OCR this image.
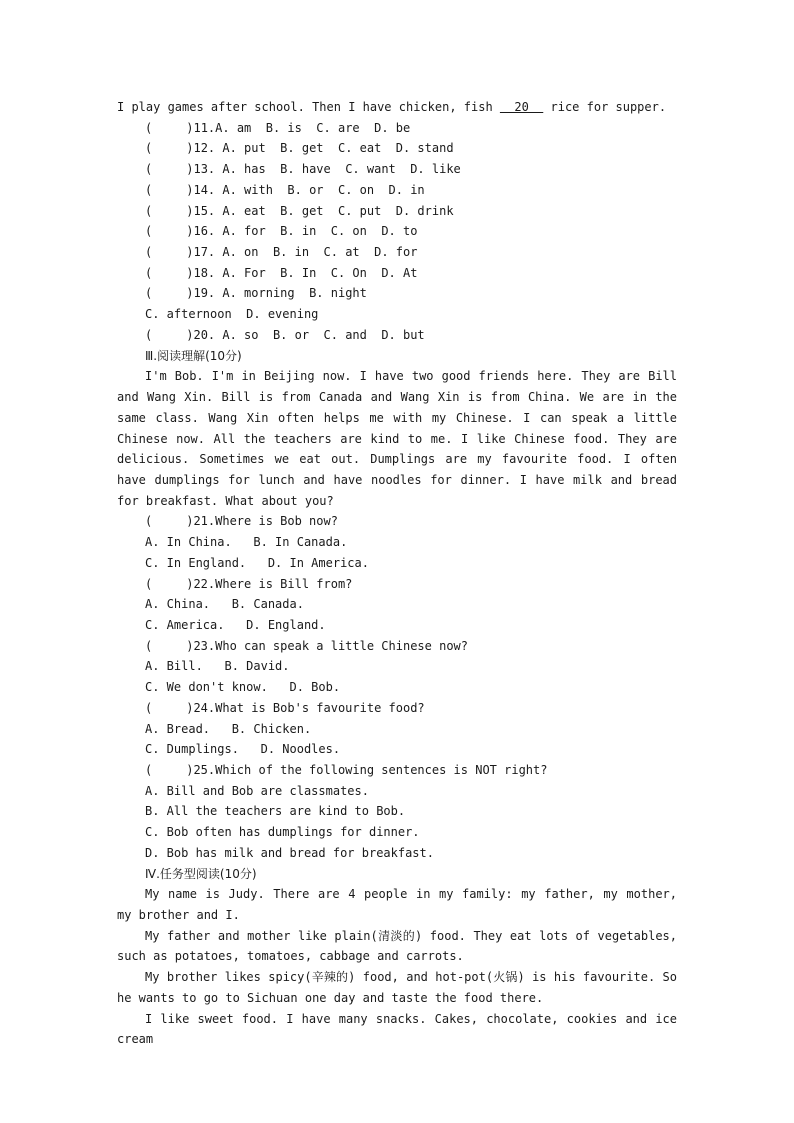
I play games after school. Then I have chicken, fish   20   rice for supper.
(	)11.A. am  B. is  C. are  D. be
(	)12. A. put  B. get  C. eat  D. stand
(	)13. A. has  B. have  C. want  D. like
(	)14. A. with  B. or  C. on  D. in
(	)15. A. eat  B. get  C. put  D. drink
(	)16. A. for  B. in  C. on  D. to
(	)17. A. on  B. in  C. at  D. for
(	)18. A. For  B. In  C. On  D. At
(	)19. A. morning  B. night
C. afternoon  D. evening
(	)20. A. so  B. or  C. and  D. but
Ⅲ.阅读理解(10分)

I'm Bob. I'm in Beijing now. I have two good friends here. They are Bill and Wang Xin. Bill is from Canada and Wang Xin is from China. We are in the same class. Wang Xin often helps me with my Chinese. I can speak a little Chinese now. All the teachers are kind to me. I like Chinese food. They are delicious. Sometimes we eat out. Dumplings are my favourite food. I often have dumplings for lunch and have noodles for dinner. I have milk and bread for breakfast. What about you?

(	)21.Where is Bob now?
A. In China.   B. In Canada.
C. In England.   D. In America.
(	)22.Where is Bill from?
A. China.   B. Canada.
C. America.   D. England.
(	)23.Who can speak a little Chinese now?
A. Bill.   B. David.
C. We don't know.   D. Bob.
(	)24.What is Bob's favourite food?
A. Bread.   B. Chicken.
C. Dumplings.   D. Noodles.
(	)25.Which of the following sentences is NOT right?
A. Bill and Bob are classmates.
B. All the teachers are kind to Bob.
C. Bob often has dumplings for dinner.
D. Bob has milk and bread for breakfast.
Ⅳ.任务型阅读(10分)

My name is Judy. There are 4 people in my family: my father, my mother, my brother and I.

My father and mother like plain(清淡的) food. They eat lots of vegetables, such as potatoes, tomatoes, cabbage and carrots.

My brother likes spicy(辛辣的) food, and hot-pot(火锅) is his favourite. So he wants to go to Sichuan one day and taste the food there.

I like sweet food. I have many snacks. Cakes, chocolate, cookies and ice cream
